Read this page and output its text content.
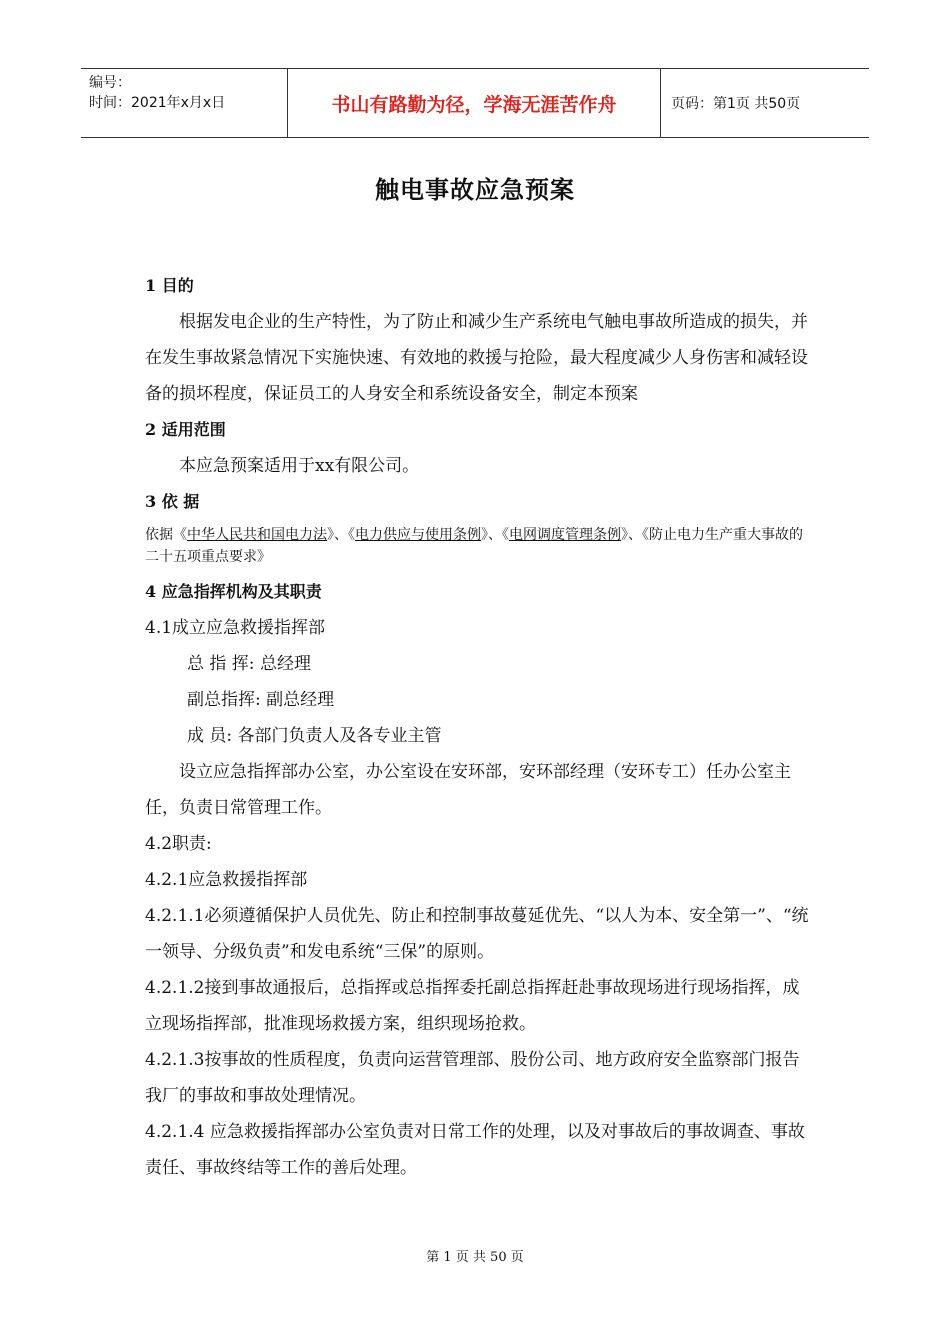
编号：
时间：2021年x月x日	书山有路勤为径，学海无涯苦作舟	页码：第1页 共50页
触电事故应急预案

1 目的

根据发电企业的生产特性，为了防止和减少生产系统电气触电事故所造成的损失，并在发生事故紧急情况下实施快速、有效地的救援与抢险，最大程度减少人身伤害和减轻设备的损坏程度，保证员工的人身安全和系统设备安全，制定本预案

2 适用范围

本应急预案适用于xx有限公司。

3 依 据

依据《中华人民共和国电力法》、《电力供应与使用条例》、《电网调度管理条例》、《防止电力生产重大事故的二十五项重点要求》

4 应急指挥机构及其职责

4.1成立应急救援指挥部

总 指 挥: 总经理

副总指挥: 副总经理

成 员: 各部门负责人及各专业主管

设立应急指挥部办公室，办公室设在安环部，安环部经理（安环专工）任办公室主任，负责日常管理工作。

4.2职责:

4.2.1应急救援指挥部

4.2.1.1必须遵循保护人员优先、防止和控制事故蔓延优先、“以人为本、安全第一”、“统一领导、分级负责”和发电系统“三保”的原则。

4.2.1.2接到事故通报后，总指挥或总指挥委托副总指挥赶赴事故现场进行现场指挥，成立现场指挥部，批准现场救援方案，组织现场抢救。

4.2.1.3按事故的性质程度，负责向运营管理部、股份公司、地方政府安全监察部门报告我厂的事故和事故处理情况。

4.2.1.4 应急救援指挥部办公室负责对日常工作的处理，以及对事故后的事故调查、事故责任、事故终结等工作的善后处理。

第 1 页 共 50 页
